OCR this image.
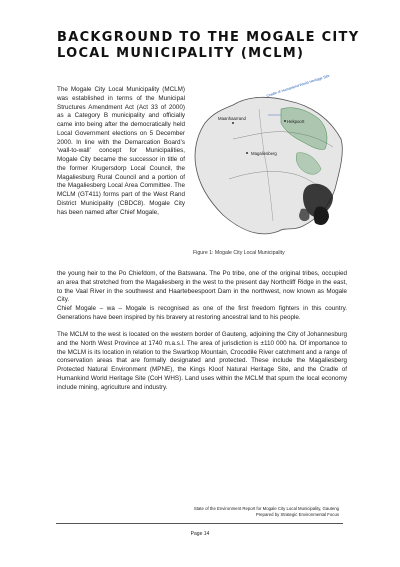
BACKGROUND TO THE MOGALE CITY
LOCAL MUNICIPALITY (MCLM)
The Mogale City Local Municipality (MCLM) was established in terms of the Municipal Structures Amendment Act (Act 33 of 2000) as a Category B municipality and officially came into being after the democratically held Local Government elections on 5 December 2000. In line with the Demarcation Board’s ‘wall-to-wall’ concept for Municipalities, Mogale City became the successor in title of the former Krugersdorp Local Council, the Magaliesburg Rural Council and a portion of the Magaliesberg Local Area Committee. The MCLM (GT411) forms part of the West Rand District Municipality (CBDC8). Mogale City has been named after Chief Mogale,
Cradle of Humankind World Heritage Site
Hekpoort
Maanhaarrand
Magaliesberg
Figure 1: Mogale City Local Municipality
the young heir to the Po Chiefdom, of the Batswana. The Po tribe, one of the original tribes, occupied an area that stretched from the Magaliesberg in the west to the present day Northcliff Ridge in the east, to the Vaal River in the southwest and Haartebeespoort Dam in the northwest, now known as Mogale City.
Chief Mogale – wa – Mogale is recognised as one of the first freedom fighters in this country. Generations have been inspired by his bravery at restoring ancestral land to his people.
The MCLM to the west is located on the western border of Gauteng, adjoining the City of Johannesburg and the North West Province at 1740 m.a.s.l. The area of jurisdiction is ±110 000 ha. Of importance to the MCLM is its location in relation to the Swartkop Mountain, Crocodile River catchment and a range of conservation areas that are formally designated and protected. These include the Magaliesberg Protected Natural Environment (MPNE), the Kings Kloof Natural Heritage Site, and the Cradle of Humankind World Heritage Site (CoH WHS). Land uses within the MCLM that spurn the local economy include mining, agriculture and industry.
State of the Environment Report for Mogale City Local Municipality, Gauteng
Prepared by Strategic Environmental Focus
Page 14
